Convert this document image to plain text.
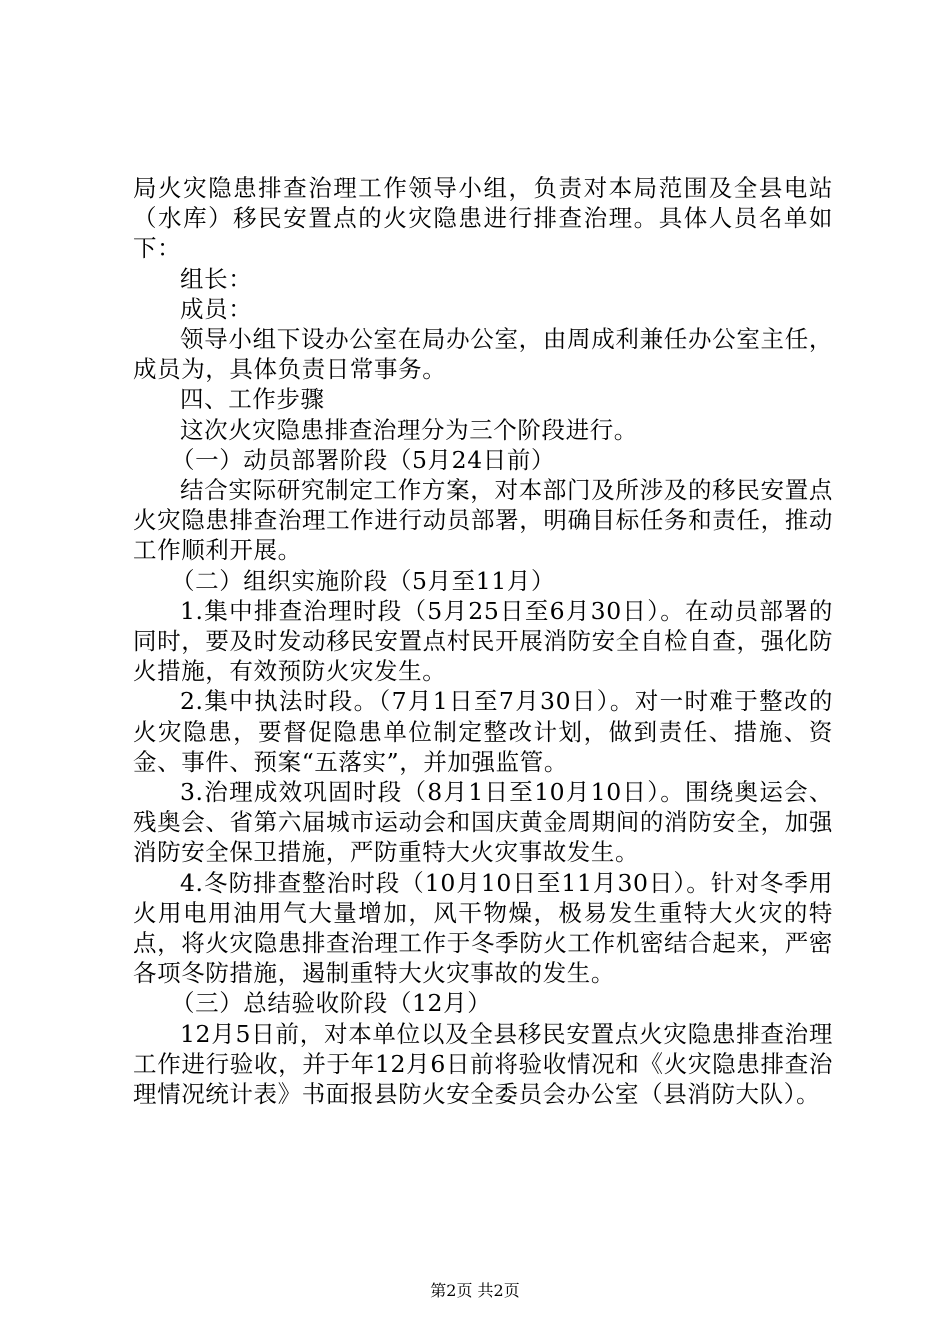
局火灾隐患排查治理工作领导小组，负责对本局范围及全县电站（水库）移民安置点的火灾隐患进行排查治理。具体人员名单如下：

组长：

成员：

领导小组下设办公室在局办公室，由周成利兼任办公室主任，成员为，具体负责日常事务。

四、工作步骤

这次火灾隐患排查治理分为三个阶段进行。

（一）动员部署阶段（5月24日前）

结合实际研究制定工作方案，对本部门及所涉及的移民安置点火灾隐患排查治理工作进行动员部署，明确目标任务和责任，推动工作顺利开展。

（二）组织实施阶段（5月至11月）

1.集中排查治理时段（5月25日至6月30日）。在动员部署的同时，要及时发动移民安置点村民开展消防安全自检自查，强化防火措施，有效预防火灾发生。

2.集中执法时段。（7月1日至7月30日）。对一时难于整改的火灾隐患，要督促隐患单位制定整改计划，做到责任、措施、资金、事件、预案“五落实”，并加强监管。

3.治理成效巩固时段（8月1日至10月10日）。围绕奥运会、残奥会、省第六届城市运动会和国庆黄金周期间的消防安全，加强消防安全保卫措施，严防重特大火灾事故发生。

4.冬防排查整治时段（10月10日至11月30日）。针对冬季用火用电用油用气大量增加，风干物燥，极易发生重特大火灾的特点，将火灾隐患排查治理工作于冬季防火工作机密结合起来，严密各项冬防措施，遏制重特大火灾事故的发生。

（三）总结验收阶段（12月）

12月5日前，对本单位以及全县移民安置点火灾隐患排查治理工作进行验收，并于年12月6日前将验收情况和《火灾隐患排查治理情况统计表》书面报县防火安全委员会办公室（县消防大队）。

第2页 共2页
